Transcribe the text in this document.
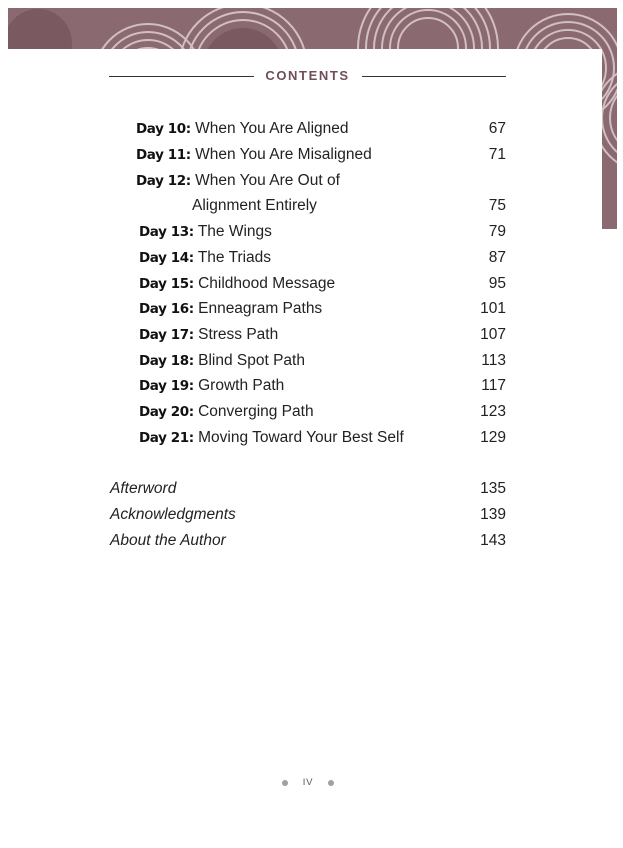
CONTENTS
Day 10: When You Are Aligned	67
Day 11: When You Are Misaligned	71
Day 12: When You Are Out of
Alignment Entirely	75
Day 13: The Wings	79
Day 14: The Triads	87
Day 15: Childhood Message	95
Day 16: Enneagram Paths	101
Day 17: Stress Path	107
Day 18: Blind Spot Path	113
Day 19: Growth Path	117
Day 20: Converging Path	123
Day 21: Moving Toward Your Best Self	129
Afterword	135
Acknowledgments	139
About the Author	143
IV
